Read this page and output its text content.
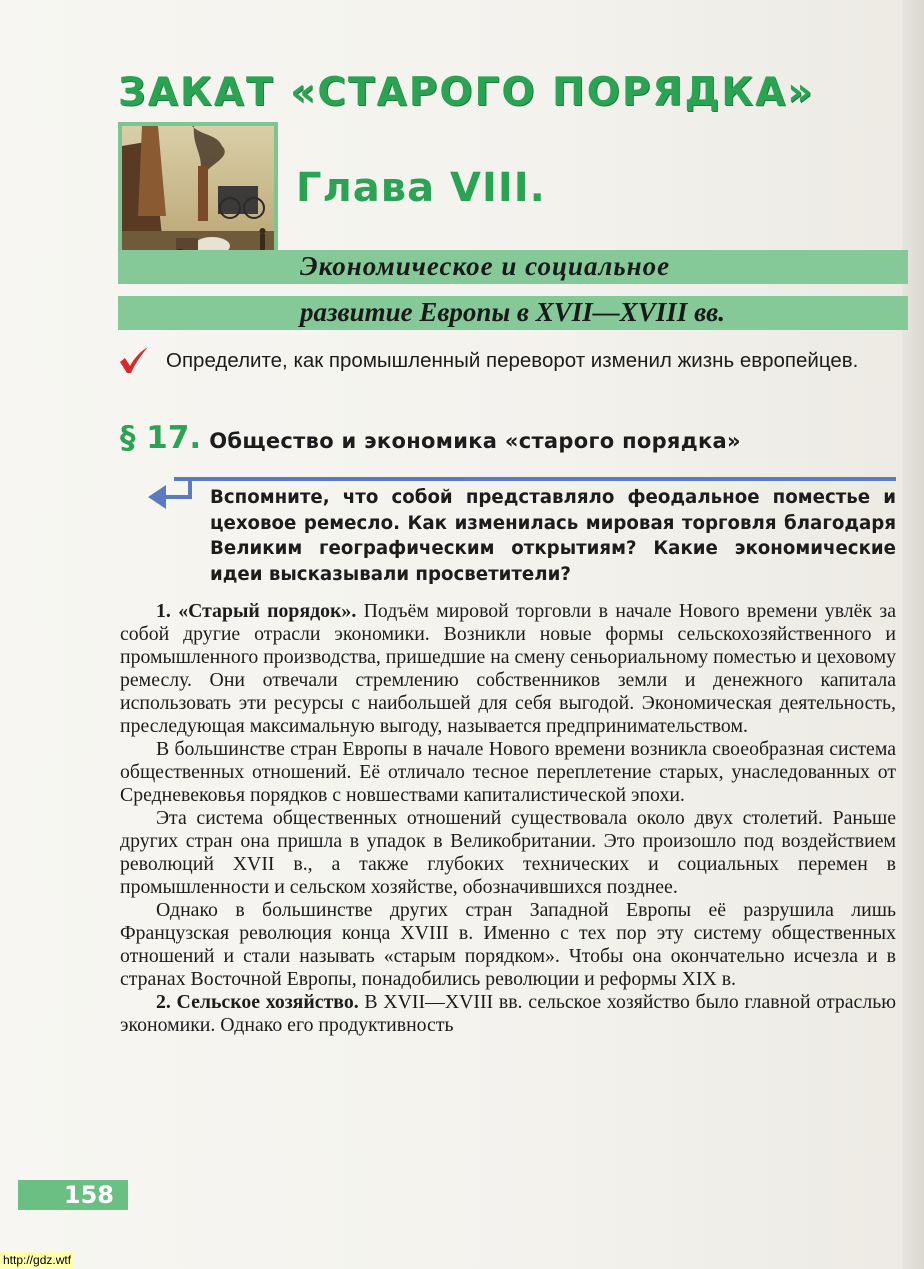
ЗАКАТ «СТАРОГО ПОРЯДКА»
Глава VIII.
Экономическое и социальное
развитие Европы в XVII—XVIII вв.
Определите, как промышленный переворот изменил жизнь европейцев.
§ 17. Общество и экономика «старого порядка»
Вспомните, что собой представляло феодальное поместье и цеховое ремесло. Как изменилась мировая торговля благодаря Великим географическим открытиям? Какие экономические идеи высказывали просветители?

1. «Старый порядок». Подъём мировой торговли в начале Нового времени увлёк за собой другие отрасли экономики. Возникли новые формы сельскохозяйственного и промышленного производства, пришедшие на смену сеньориальному поместью и цеховому ремеслу. Они отвечали стремлению собственников земли и денежного капитала использовать эти ресурсы с наибольшей для себя выгодой. Экономическая деятельность, преследующая максимальную выгоду, называется предпринимательством.

В большинстве стран Европы в начале Нового времени возникла своеобразная система общественных отношений. Её отличало тесное переплетение старых, унаследованных от Средневековья порядков с новшествами капиталистической эпохи.

Эта система общественных отношений существовала около двух столетий. Раньше других стран она пришла в упадок в Великобритании. Это произошло под воздействием революций XVII в., а также глубоких технических и социальных перемен в промышленности и сельском хозяйстве, обозначившихся позднее.

Однако в большинстве других стран Западной Европы её разрушила лишь Французская революция конца XVIII в. Именно с тех пор эту систему общественных отношений и стали называть «старым порядком». Чтобы она окончательно исчезла и в странах Восточной Европы, понадобились революции и реформы XIX в.

2. Сельское хозяйство. В XVII—XVIII вв. сельское хозяйство было главной отраслью экономики. Однако его продуктивность

158
http://gdz.wtf
